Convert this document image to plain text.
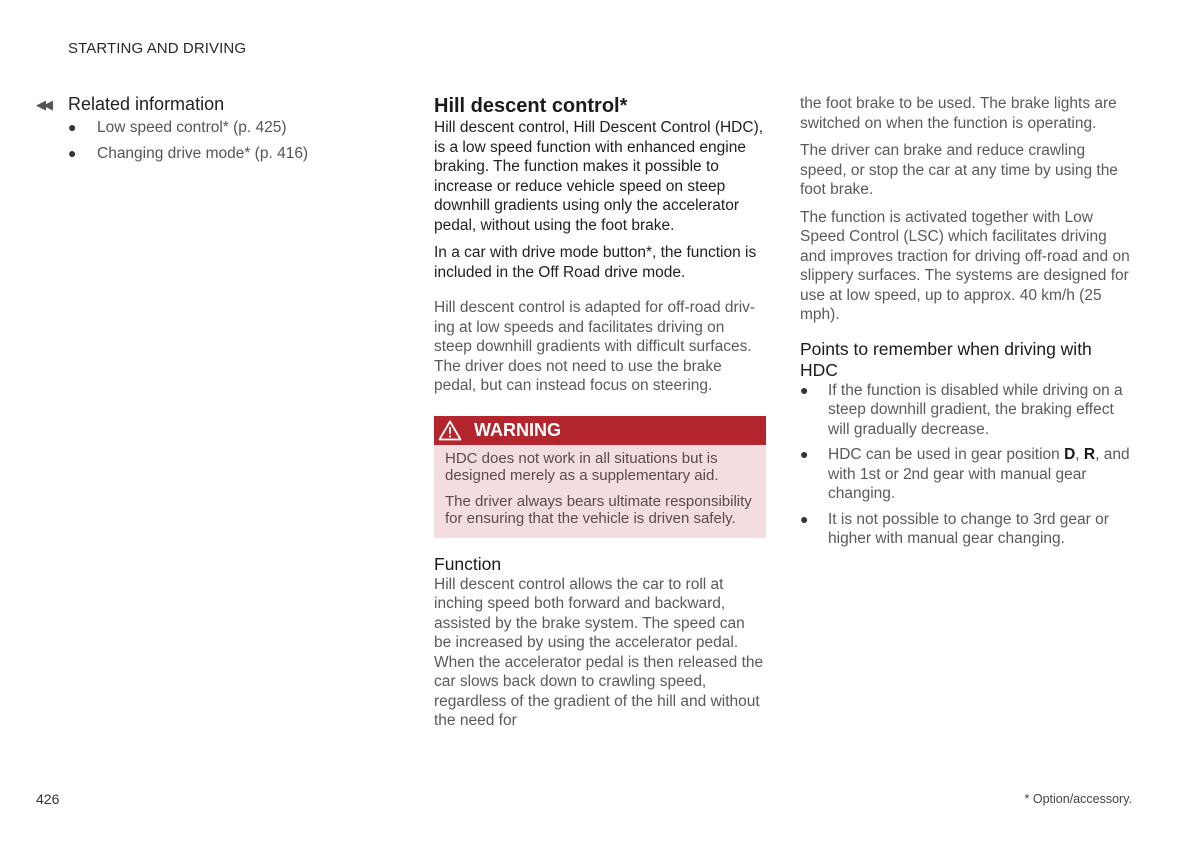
STARTING AND DRIVING
◀◀	Related information
● Low speed control* (p. 425)
● Changing drive mode* (p. 416)
Hill descent control*

Hill descent control, Hill Descent Control (HDC), is a low speed function with enhanced engine braking. The function makes it possible to increase or reduce vehicle speed on steep downhill gradients using only the accelerator pedal, without using the foot brake.

In a car with drive mode button*, the function is included in the Off Road drive mode.

Hill descent control is adapted for off-road driving at low speeds and facilitates driving on steep downhill gradients with difficult surfaces. The driver does not need to use the brake pedal, but can instead focus on steering.

WARNING

HDC does not work in all situations but is designed merely as a supplementary aid.

The driver always bears ultimate responsibility for ensuring that the vehicle is driven safely.

Function

Hill descent control allows the car to roll at inching speed both forward and backward, assisted by the brake system. The speed can be increased by using the accelerator pedal. When the accelerator pedal is then released the car slows back down to crawling speed, regardless of the gradient of the hill and without the need for

the foot brake to be used. The brake lights are switched on when the function is operating.

The driver can brake and reduce crawling speed, or stop the car at any time by using the foot brake.

The function is activated together with Low Speed Control (LSC) which facilitates driving and improves traction for driving off-road and on slippery surfaces. The systems are designed for use at low speed, up to approx. 40 km/h (25 mph).

Points to remember when driving with HDC
● If the function is disabled while driving on a steep downhill gradient, the braking effect will gradually decrease.
● HDC can be used in gear position D, R, and with 1st or 2nd gear with manual gear changing.
● It is not possible to change to 3rd gear or higher with manual gear changing.
426	* Option/accessory.
